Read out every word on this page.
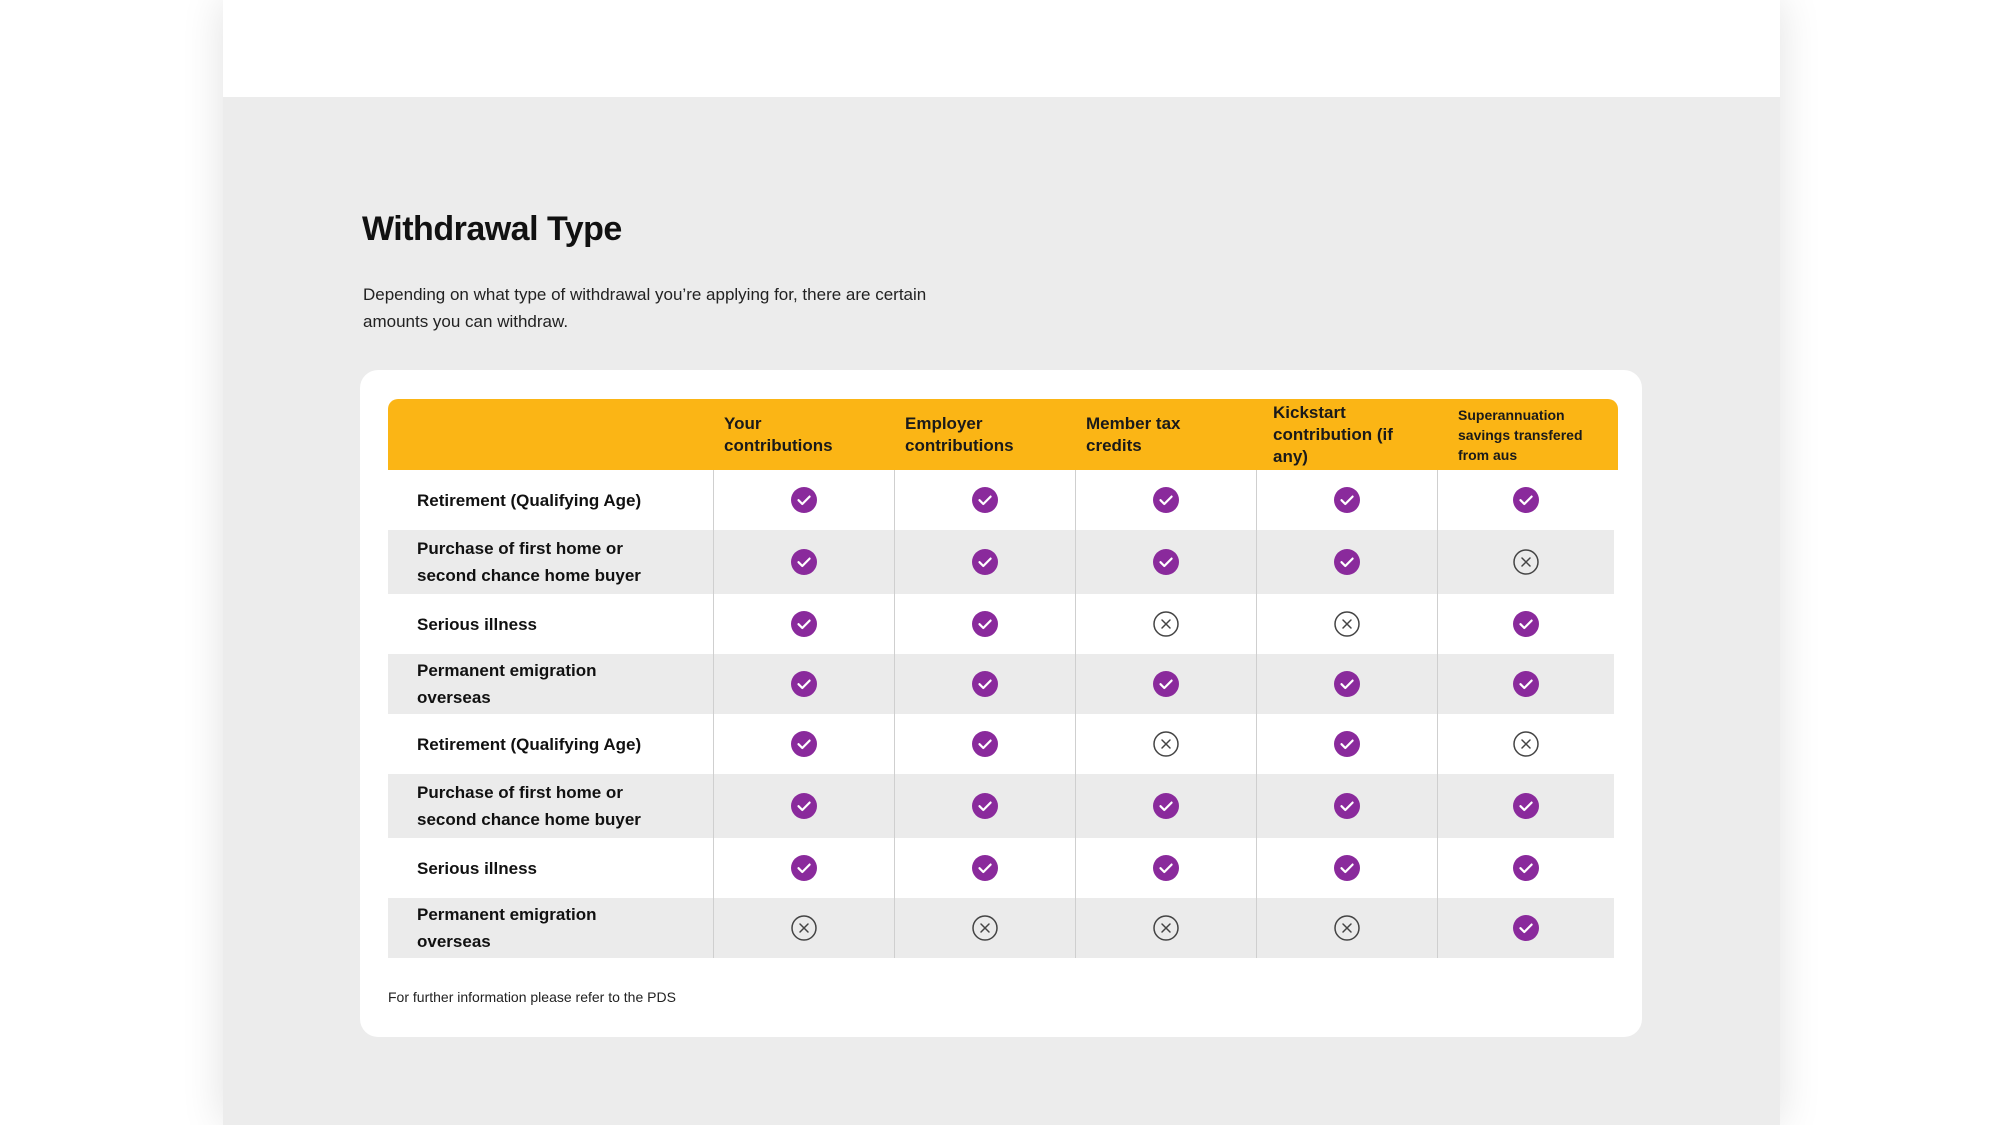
Withdrawal Type

Depending on what type of withdrawal you’re applying for, there are certain amounts you can withdraw.

Your contributions
Employer contributions
Member tax credits
Kickstart contribution (if any)
Superannuation savings transfered from aus
Retirement (Qualifying Age)
Purchase of first home or second chance home buyer
Serious illness
Permanent emigration overseas
Retirement (Qualifying Age)
Purchase of first home or second chance home buyer
Serious illness
Permanent emigration overseas

For further information please refer to the PDS
